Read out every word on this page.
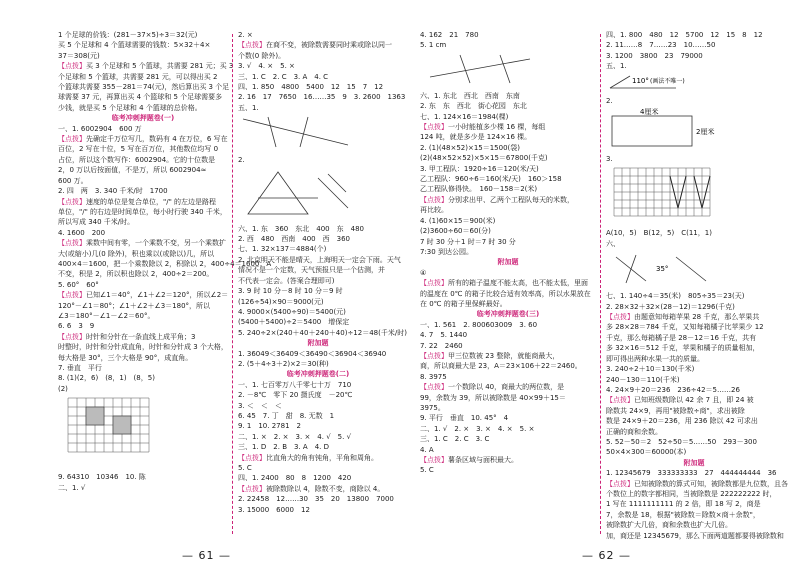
1 个足球的价钱：(281－37×5)÷3＝32(元)
买 5 个足球和 4 个篮球需要的钱数：5×32＋4×
37＝308(元)
【点拨】买 3 个足球和 5 个篮球，共需要 281 元；买 3
个足球和 5 个篮球，共需要 281 元，可以得出买 2
个篮球共需要 355－281＝74(元)，然后算出买 3 个足
球需要 37 元，再算出买 4 个篮球和 5 个足球需要多
少钱，就是买 5 个足球和 4 个篮球的总价格。
临考冲刺押题卷(一)
一、1. 6002904　600 万
【点拨】先确定千万位写几，数码有 4 在万位，6 写在
百位，2 写在十位，5 写在百万位，其他数位均写 0
占位，所以这个数写作：6002904。它的十位数是
2，0 万以后按面值，不是万，所以 6002904≈
600 万。
2. 四　两　3. 340 千米/时　1700
【点拨】速度的单位是复合单位，"/" 的左边是路程
单位，"/" 的右边是时间单位，每小时行驶 340 千米，
所以写成 340 千米/时。
4. 1600　200
【点拨】乘数中间有零，一个乘数不变，另一个乘数扩
大(或缩小)几(0 除外)，积也乘以(或除以)几，所以
400×4＝1600，把一个乘数除以 2，积除以 2，400÷4＝1600；A
不变，积是 2，所以积也除以 2，400÷2＝200。
5. 60°　60°
【点拨】已知∠1＝40°，∠1＋∠2＝120°，所以∠2＝
120°－∠1＝80°；∠1＋∠2＋∠3＝180°，所以
∠3＝180°－∠1－∠2＝60°。
6. 6　3　9
【点拨】时针和分针在一条直线上成平角；3
时整时，时针和分针成直角，时针和分针成 3 个大格，
每大格是 30°，三个大格是 90°，成直角。
7. 垂直　平行
8. (1)(2，6)　(8，1)　(8，5)
(2)
9. 64310　10346　10. 陈
二、1. √
2. ×
【点拨】在商不变，被除数需要同时乘或除以同一
个数(0 除外)。
3. √　4. ×　5. ×
三、1. C　2. C　3. A　4. C
四、1. 850　4800　5400　12　15　7　12
2. 16　17　7650　16……35　9　3. 2600　1363
五、1.
2.
六、1. 东　360　东北　400　东　480
2. 西　480　西南　400　西　360
七、1. 32×137＝4884(个)
2. 北京明天不能是晴天，上海明天一定会下雨。天气
情况不是一个定数，天气预报只是一个估测，并
不代表一定会。(答案合理即可)
3. 9 时 10 分－8 时 10 分＝9 时
(126÷54)×90＝9000(元)
4. 9000×(5400÷90)＝5400(元)
(5400＋5400)÷2＝5400　增保定
5. 240÷2×(240＋40＋240＋40)÷12＝48(千米/时)
附加题
1. 36049＜36409＜36490＜36904＜36940
2. (5＋4÷3＋2)×2＝30(种)
临考冲刺押题卷(二)
一、1. 七百零万八千零七十万　710
2. －8℃　零下 20 摄氏度　－20℃
3. ＜　＜　＜
6. 45　7. 丁　甜　8. 无数　1
9. 1　10. 2781　2
二、1. ×　2. ×　3. ×　4. √　5. √
三、1. D　2. B　3. A　4. D
【点拨】比直角大的角有钝角，平角和周角。
5. C
四、1. 2400　80　8　1200　420
【点拨】被除数除以 4，除数不变，商除以 4。
2. 22458　12……30　35　20　13800　7000
3. 15000　6000　12
— 61 —
4. 162　21　780
5. 1 cm
六、1. 东北　西北　西南　东南
2. 东　东　西北　街心花园　东北
七、1. 124×16＝1984(棵)
【点拨】一小时能植多少棵 16 棵，每组
124 吨，就是多少是 124×16 棵。
2. (1)(48×52)×15＝1500(袋)
(2)(48×52×52)×5×15＝67800(千克)
3. 甲工程队：1920÷16＝120(米/天)
乙工程队：960÷6＝160(米/天)　160＞158
乙工程队修得快。　160－158＝2(米)
【点拨】分别求出甲、乙两个工程队每天的米数，
再比较。
4. (1)60×15＝900(米)
(2)3600÷60＝60(分)
7 时 30 分＋1 时＝7 时 30 分
7:30 到达公园。
附加题
④
【点拨】所有的箱子温度不能太高，也不能太低，里面
的温度在 0℃ 的箱子比较合适有效率高，所以水果放在
在 0℃ 的箱子里保鲜最好。
临考冲刺押题卷(三)
一、1. 561　2. 800603009　3. 60
4. 7　5. 1440
7. 22　2460
【点拨】甲三位数被 23 整除，就能商最大，
商，所以商最大是 23，A＝23×106＋22＝2460。
8. 3975
【点拨】一个数除以 40，商最大的两位数，是
99，余数为 39，所以被除数是 40×99＋15＝
3975。
9. 平行　垂直　10. 45°　4
二、1. √　2. ×　3. ×　4. ×　5. ×
三、1. C　2. C　3. C
4. A
【点拨】薯条区域与面积最大。
5. C
四、1. 800　480　12　5700　12　15　8　12
2. 11……8　7……23　10……50
3. 1200　3800　23　79000
五、1.
110° (画法不唯一)
2.
4厘米
2厘米
3.
A(10，5)　B(12，5)　C(11，1)
六、
35°
七、1. 140÷4＝35(米)　805÷35＝23(天)
2. 28×32＋32×(28－12)＝1296(千克)
【点拨】由题意知每箱苹果 28 千克，那么苹果共
多 28×28＝784 千克，又知每箱橘子比苹果少 12
千克，那么每箱橘子是 28－12＝16 千克，共有
多 32×16＝512 千克，苹果和橘子的质量相加，
即可得出两种水果一共的质量。
3. 240÷2＋10＝130(千米)
240－130＝110(千米)
4. 24×9＋20＝236　236÷42＝5……26
【点拨】已知班级数除以 42 余 7 且，即 24 被
除数共 24×9，再用"被除数÷商"，求出被除
数是 24×9＋20＝236，用 236 除以 42 可求出
正确的商和余数。
5. 52－50＝2　52÷50＝5……50　293－300
50×4×300＝60000(本)
附加题
1. 12345679　333333333　27　444444444　36
【点拨】已知被除数的算式可知，被除数都是九位数，且各
个数位上的数字都相同，当被除数是 222222222 时，
1 写在 1111111111 的 2 倍，即 18 写 2，商是
7，余数是 18，根据"被除数＝除数×商＋余数"，
被除数扩大几倍，商和余数也扩大几倍。
加，商还是 12345679，那么下面两道题都要得被除数和
— 62 —
